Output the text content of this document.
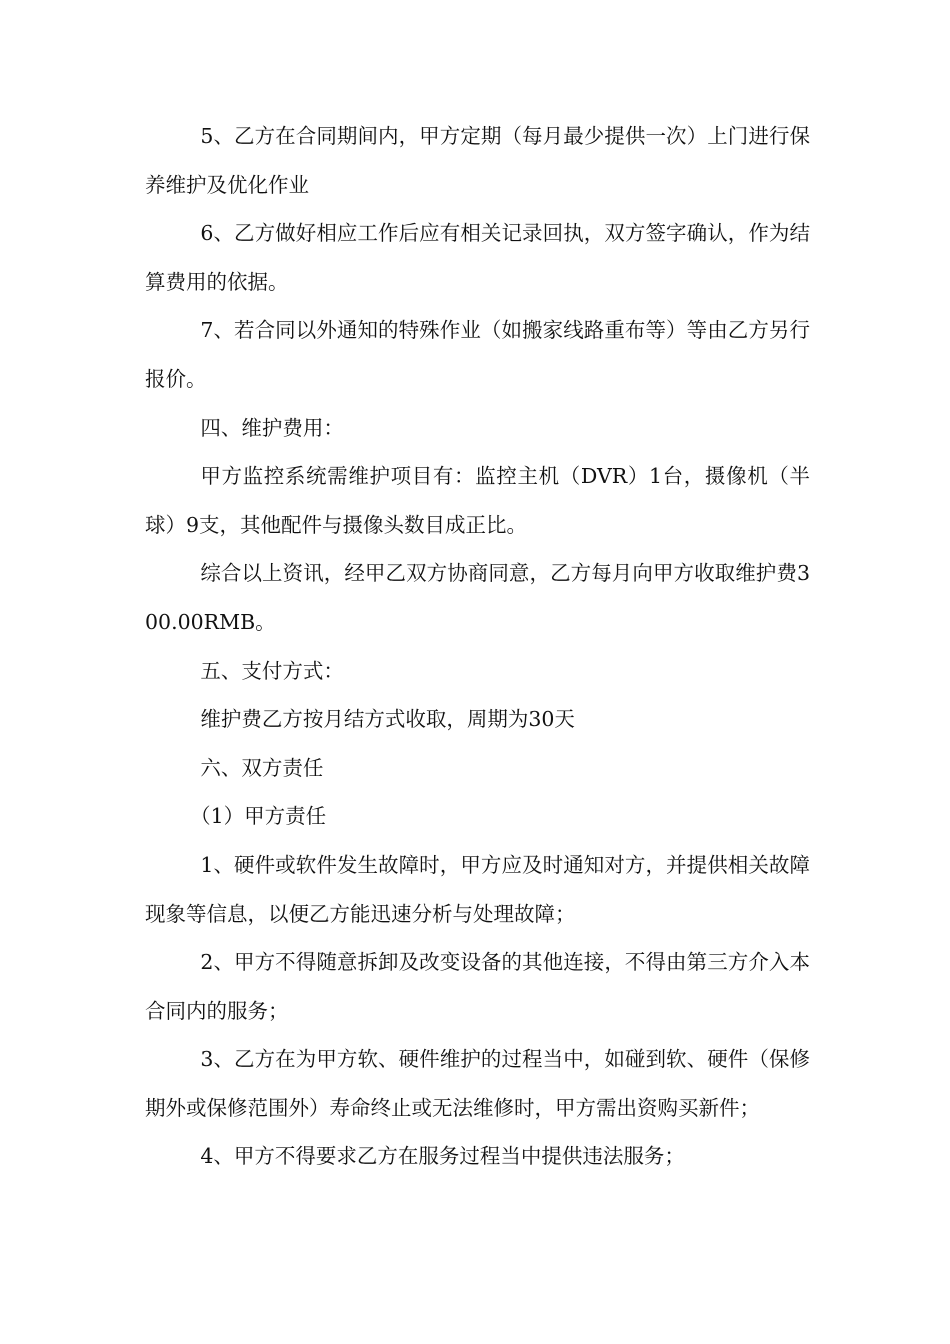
5、乙方在合同期间内，甲方定期（每月最少提供一次）上门进行保养维护及优化作业

6、乙方做好相应工作后应有相关记录回执，双方签字确认，作为结算费用的依据。

7、若合同以外通知的特殊作业（如搬家线路重布等）等由乙方另行报价。

四、维护费用：

甲方监控系统需维护项目有：监控主机（DVR）1台，摄像机（半球）9支，其他配件与摄像头数目成正比。

综合以上资讯，经甲乙双方协商同意，乙方每月向甲方收取维护费300.00RMB。

五、支付方式：

维护费乙方按月结方式收取，周期为30天

六、双方责任

（1）甲方责任

1、硬件或软件发生故障时，甲方应及时通知对方，并提供相关故障现象等信息，以便乙方能迅速分析与处理故障；

2、甲方不得随意拆卸及改变设备的其他连接，不得由第三方介入本合同内的服务；

3、乙方在为甲方软、硬件维护的过程当中，如碰到软、硬件（保修期外或保修范围外）寿命终止或无法维修时，甲方需出资购买新件；

4、甲方不得要求乙方在服务过程当中提供违法服务；
